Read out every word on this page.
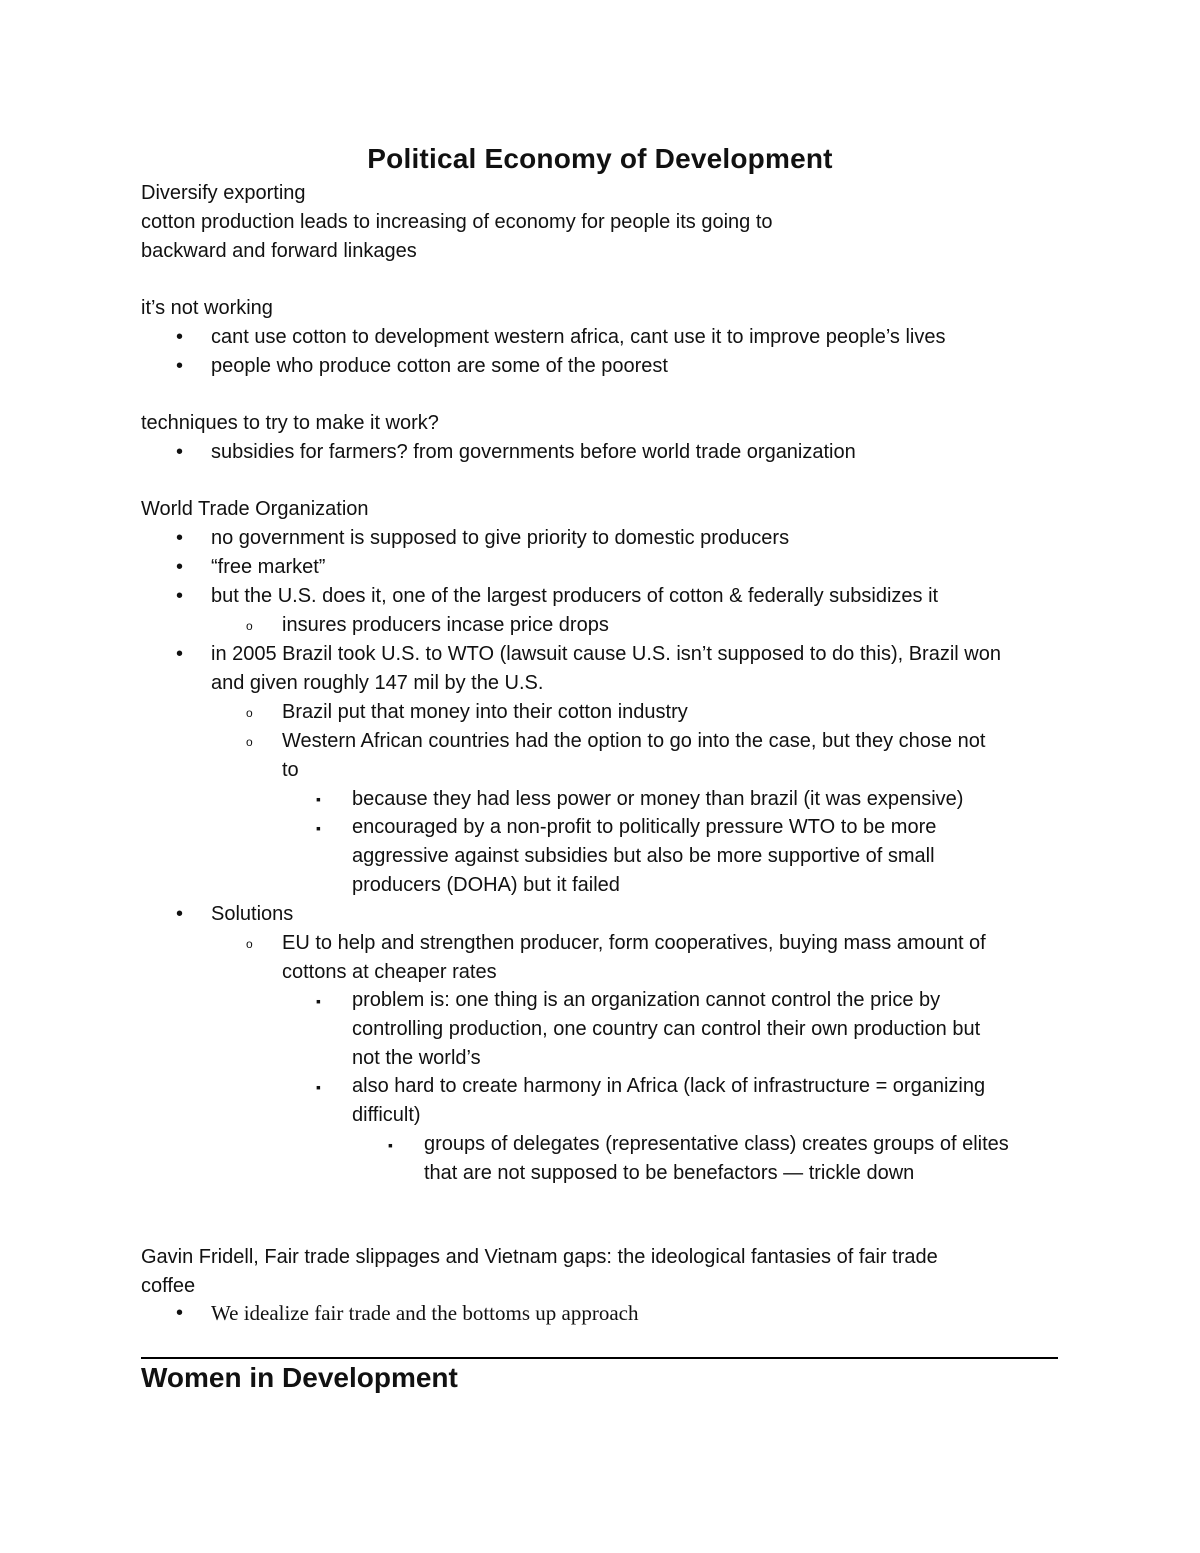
Political Economy of Development
Diversify exporting
cotton production leads to increasing of economy for people its going to
backward and forward linkages
it’s not working
• cant use cotton to development western africa, cant use it to improve people’s lives
• people who produce cotton are some of the poorest
techniques to try to make it work?
• subsidies for farmers? from governments before world trade organization
World Trade Organization
• no government is supposed to give priority to domestic producers
• “free market”
• but the U.S. does it, one of the largest producers of cotton & federally subsidizes it
o insures producers incase price drops
• in 2005 Brazil took U.S. to WTO (lawsuit cause U.S. isn’t supposed to do this), Brazil won
and given roughly 147 mil by the U.S.
o Brazil put that money into their cotton industry
o Western African countries had the option to go into the case, but they chose not
to
▪ because they had less power or money than brazil (it was expensive)
▪ encouraged by a non-profit to politically pressure WTO to be more
aggressive against subsidies but also be more supportive of small
producers (DOHA) but it failed
• Solutions
o EU to help and strengthen producer, form cooperatives, buying mass amount of
cottons at cheaper rates
▪ problem is: one thing is an organization cannot control the price by
controlling production, one country can control their own production but
not the world’s
▪ also hard to create harmony in Africa (lack of infrastructure = organizing
difficult)
▪ groups of delegates (representative class) creates groups of elites
that are not supposed to be benefactors — trickle down
Gavin Fridell, Fair trade slippages and Vietnam gaps: the ideological fantasies of fair trade
coffee
• We idealize fair trade and the bottoms up approach
Women in Development
